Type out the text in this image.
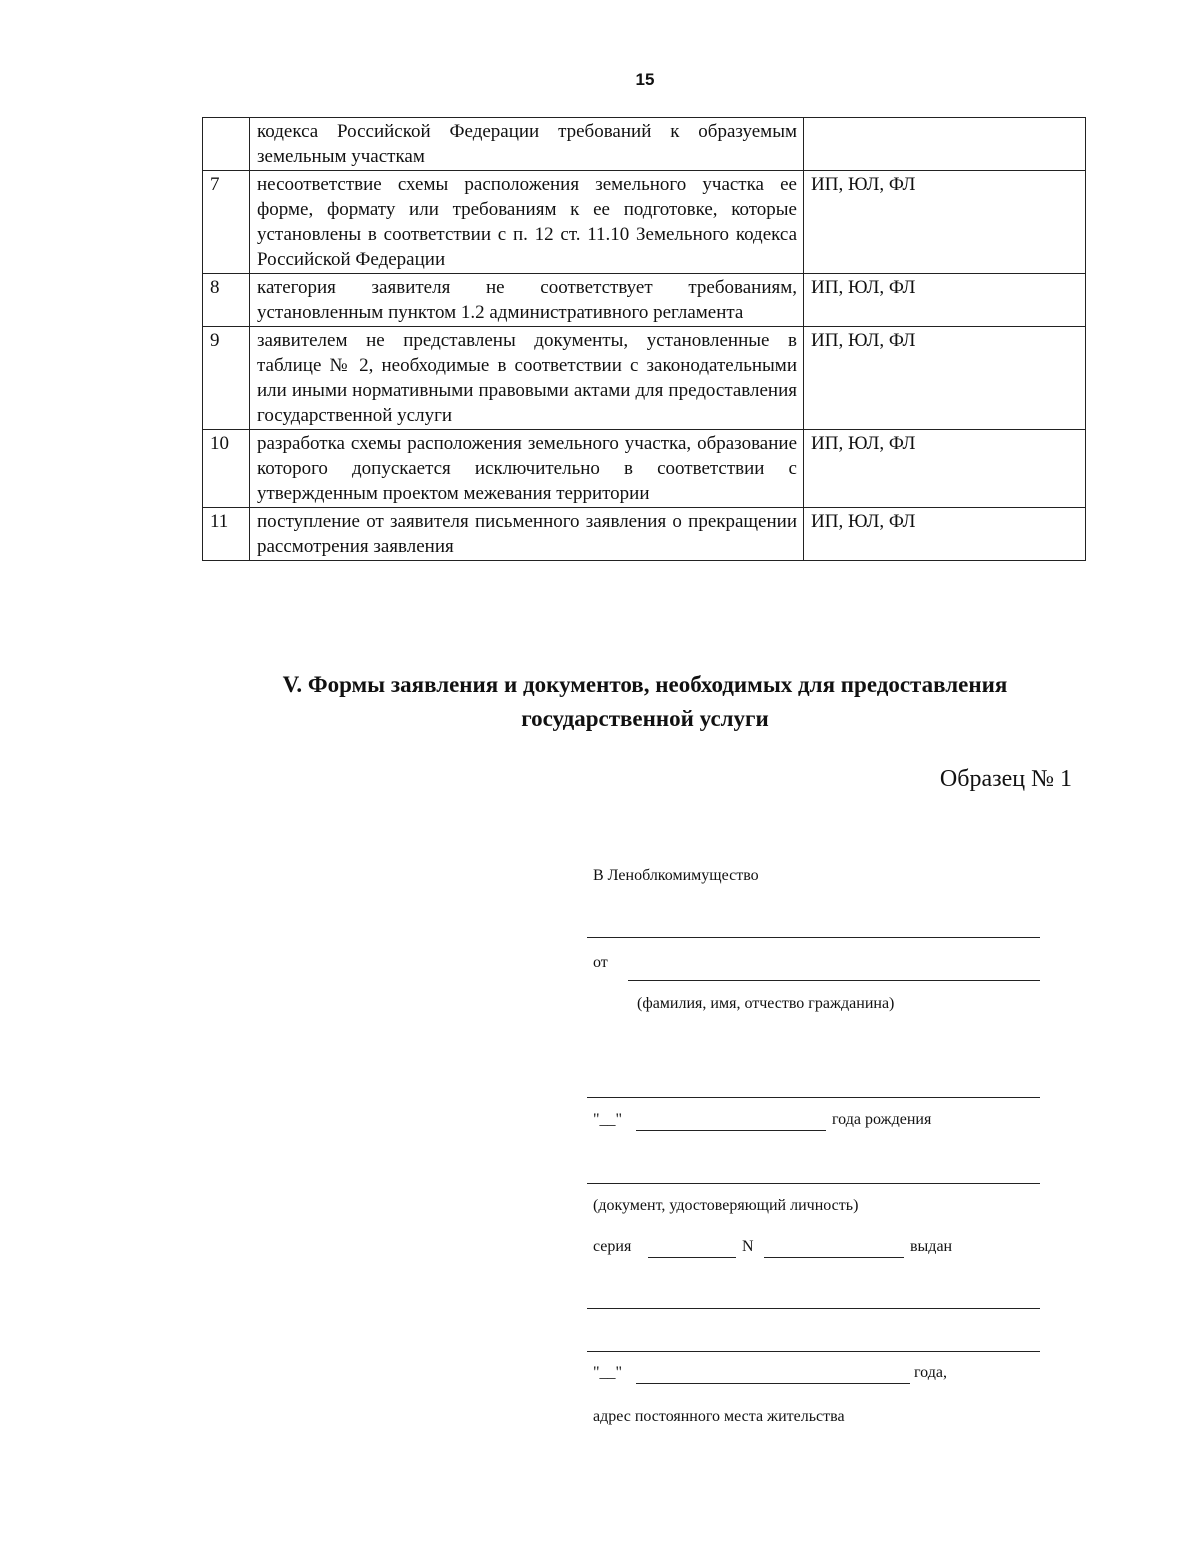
15
	кодекса Российской Федерации требований к образуемым земельным участкам	
7	несоответствие схемы расположения земельного участка ее форме, формату или требованиям к ее подготовке, которые установлены в соответствии с п. 12 ст. 11.10 Земельного кодекса Российской Федерации	ИП, ЮЛ, ФЛ
8	категория заявителя не соответствует требованиям, установленным пунктом 1.2 административного регламента	ИП, ЮЛ, ФЛ
9	заявителем не представлены документы, установленные в таблице № 2, необходимые в соответствии с законодательными или иными нормативными правовыми актами для предоставления государственной услуги	ИП, ЮЛ, ФЛ
10	разработка схемы расположения земельного участка, образование которого допускается исключительно в соответствии с утвержденным проектом межевания территории	ИП, ЮЛ, ФЛ
11	поступление от заявителя письменного заявления о прекращении рассмотрения заявления	ИП, ЮЛ, ФЛ
V. Формы заявления и документов, необходимых для предоставления
государственной услуги
Образец № 1
В Леноблкомимущество
от
(фамилия, имя, отчество гражданина)
"__"	года рождения
(документ, удостоверяющий личность)
серия	N	выдан
"__"	года,
адрес постоянного места жительства
